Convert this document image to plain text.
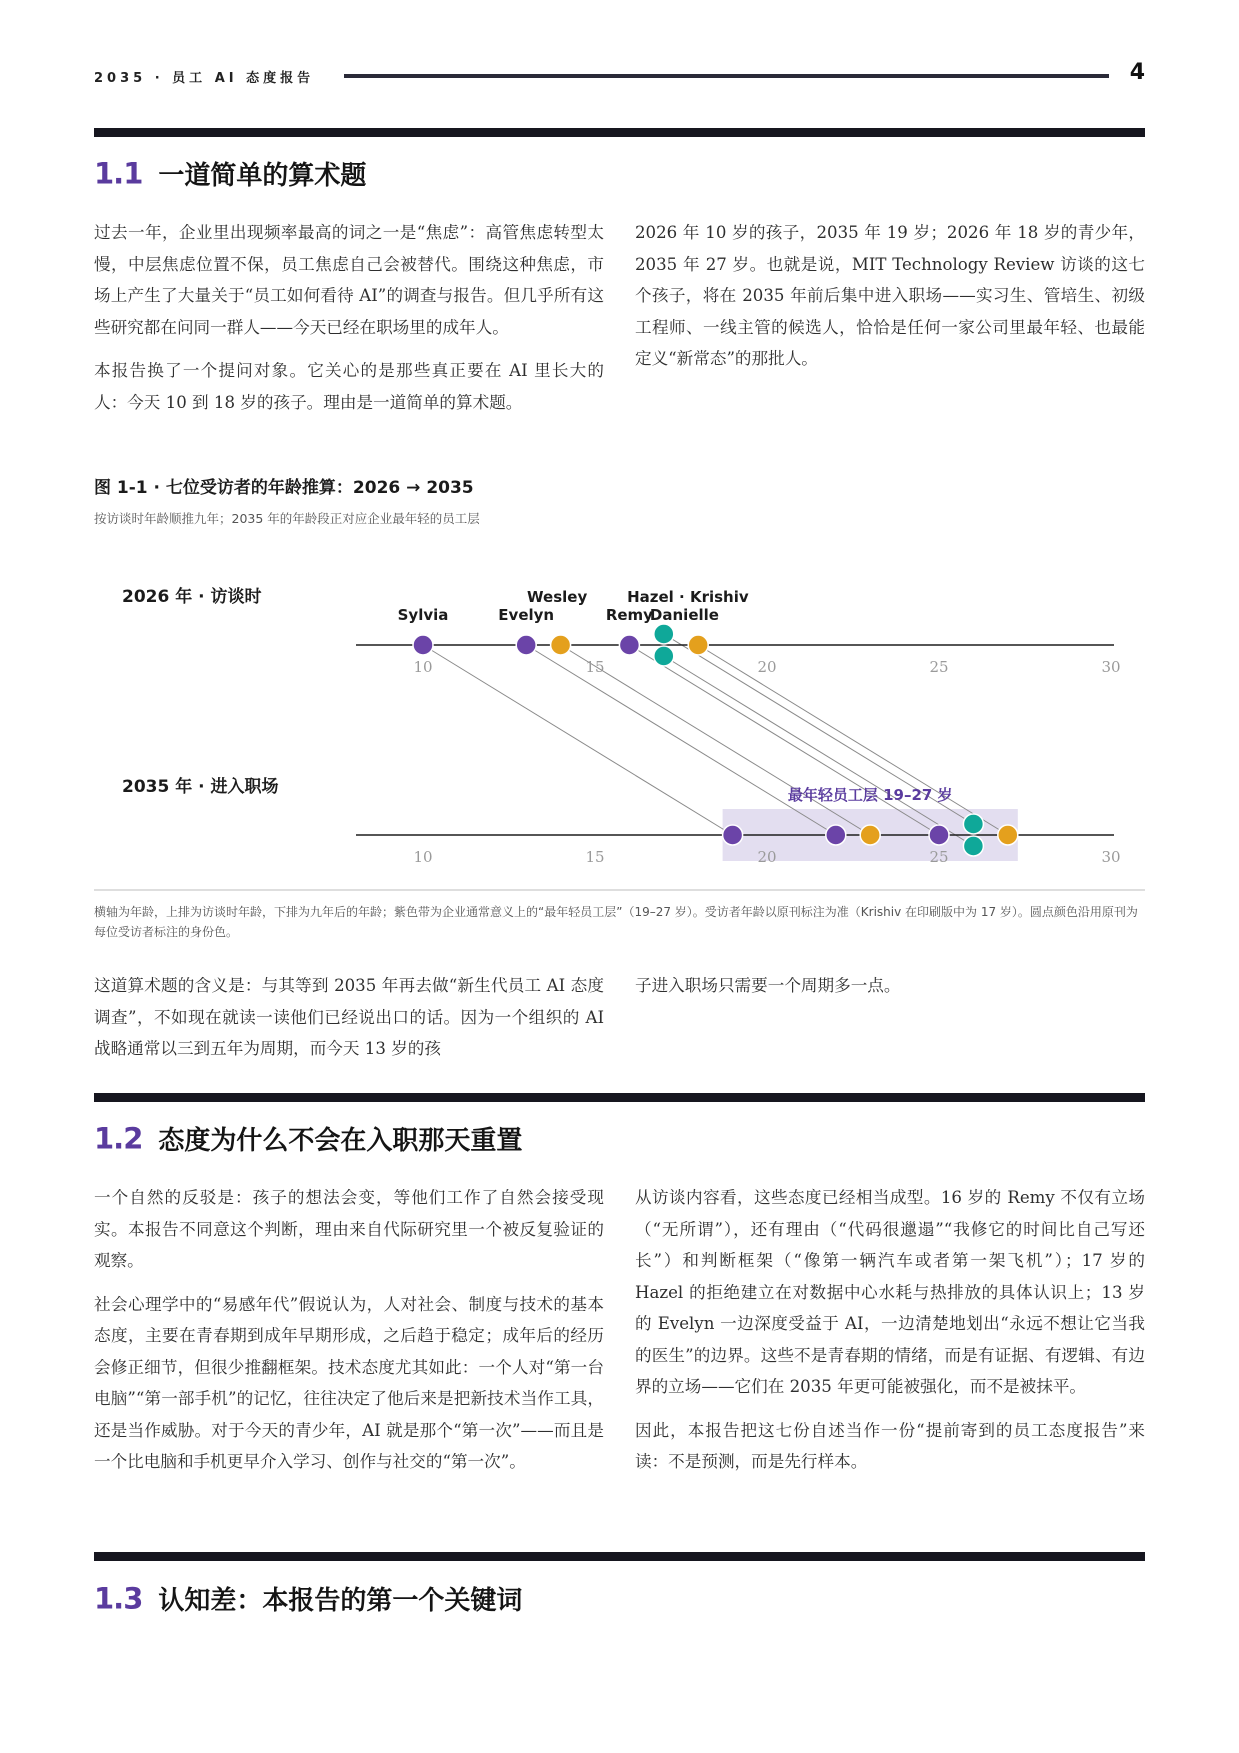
2035 · 员工 AI 态度报告	4
1.1 一道简单的算术题

过去一年，企业里出现频率最高的词之一是“焦虑”：高管焦虑转型太慢，中层焦虑位置不保，员工焦虑自己会被替代。围绕这种焦虑，市场上产生了大量关于“员工如何看待 AI”的调查与报告。但几乎所有这些研究都在问同一群人——今天已经在职场里的成年人。

本报告换了一个提问对象。它关心的是那些真正要在 AI 里长大的人：今天 10 到 18 岁的孩子。理由是一道简单的算术题。

2026 年 10 岁的孩子，2035 年 19 岁；2026 年 18 岁的青少年，2035 年 27 岁。也就是说，MIT Technology Review 访谈的这七个孩子，将在 2035 年前后集中进入职场——实习生、管培生、初级工程师、一线主管的候选人，恰恰是任何一家公司里最年轻、也最能定义“新常态”的那批人。

图 1-1 · 七位受访者的年龄推算：2026 → 2035
按访谈时年龄顺推九年；2035 年的年龄段正对应企业最年轻的员工层
10	15	20	25	30
10	15	20	25	30
2026 年 · 访谈时
2035 年 · 进入职场
Sylvia
Wesley
Evelyn
Hazel · Krishiv
Remy
Danielle
最年轻员工层 19–27 岁
横轴为年龄，上排为访谈时年龄，下排为九年后的年龄；紫色带为企业通常意义上的“最年轻员工层”（19–27 岁）。受访者年龄以原刊标注为准（Krishiv 在印刷版中为 17 岁）。圆点颜色沿用原刊为每位受访者标注的身份色。

这道算术题的含义是：与其等到 2035 年再去做“新生代员工 AI 态度调查”，不如现在就读一读他们已经说出口的话。因为一个组织的 AI 战略通常以三到五年为周期，而今天 13 岁的孩

子进入职场只需要一个周期多一点。

1.2 态度为什么不会在入职那天重置

一个自然的反驳是：孩子的想法会变，等他们工作了自然会接受现实。本报告不同意这个判断，理由来自代际研究里一个被反复验证的观察。

社会心理学中的“易感年代”假说认为，人对社会、制度与技术的基本态度，主要在青春期到成年早期形成，之后趋于稳定；成年后的经历会修正细节，但很少推翻框架。技术态度尤其如此：一个人对“第一台电脑”“第一部手机”的记忆，往往决定了他后来是把新技术当作工具，还是当作威胁。对于今天的青少年，AI 就是那个“第一次”——而且是一个比电脑和手机更早介入学习、创作与社交的“第一次”。

从访谈内容看，这些态度已经相当成型。16 岁的 Remy 不仅有立场（“无所谓”），还有理由（“代码很邋遢”“我修它的时间比自己写还长”）和判断框架（“像第一辆汽车或者第一架飞机”）；17 岁的 Hazel 的拒绝建立在对数据中心水耗与热排放的具体认识上；13 岁的 Evelyn 一边深度受益于 AI，一边清楚地划出“永远不想让它当我的医生”的边界。这些不是青春期的情绪，而是有证据、有逻辑、有边界的立场——它们在 2035 年更可能被强化，而不是被抹平。

因此，本报告把这七份自述当作一份“提前寄到的员工态度报告”来读：不是预测，而是先行样本。

1.3 认知差：本报告的第一个关键词
